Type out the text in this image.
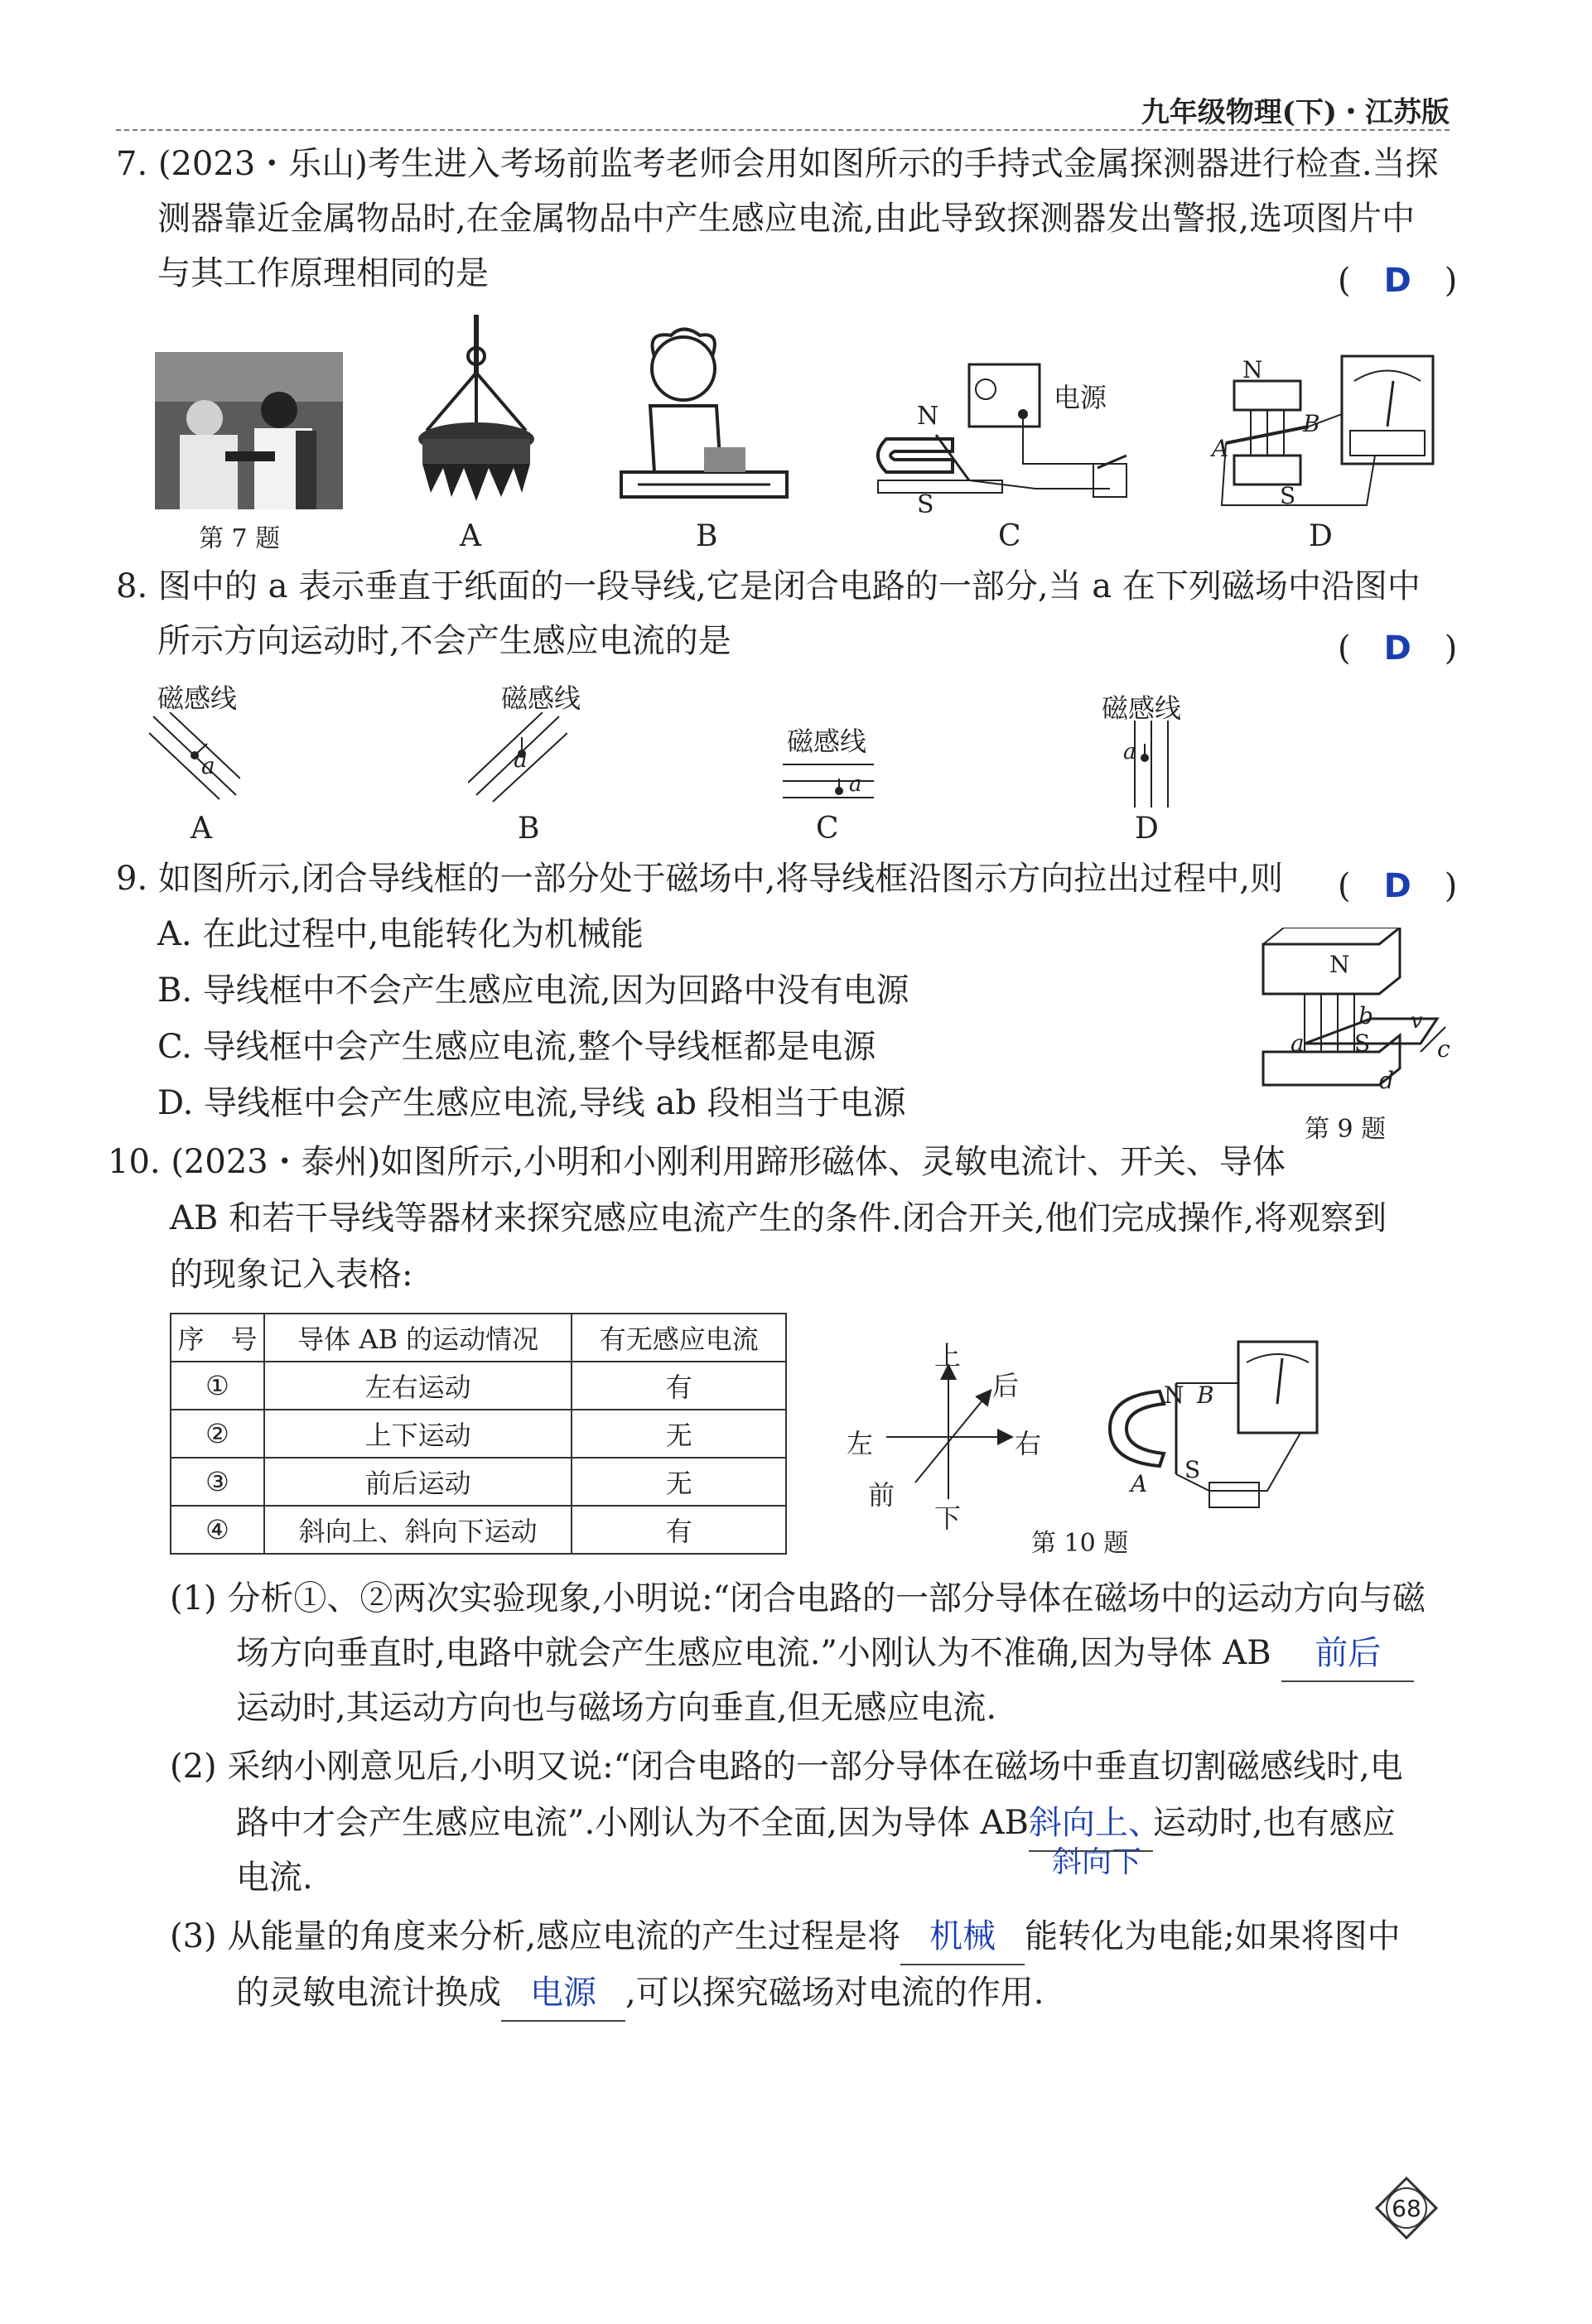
九年级物理(下)・江苏版
7. (2023・乐山)考生进入考场前监考老师会用如图所示的手持式金属探测器进行检查.当探
测器靠近金属物品时,在金属物品中产生感应电流,由此导致探测器发出警报,选项图片中
与其工作原理相同的是	(　D　)
第 7 题	A	B
电源
N
S
C
N
S
A
B
D
8. 图中的 a 表示垂直于纸面的一段导线,它是闭合电路的一部分,当 a 在下列磁场中沿图中
所示方向运动时,不会产生感应电流的是	(　D　)
磁感线
a
A
磁感线
a
B
磁感线
a
C
磁感线
a
D
9. 如图所示,闭合导线框的一部分处于磁场中,将导线框沿图示方向拉出过程中,则 (　D　)
A. 在此过程中,电能转化为机械能
B. 导线框中不会产生感应电流,因为回路中没有电源
C. 导线框中会产生感应电流,整个导线框都是电源
D. 导线框中会产生感应电流,导线 ab 段相当于电源
N
S
a
b
c
d
v
第 9 题
10. (2023・泰州)如图所示,小明和小刚利用蹄形磁体、灵敏电流计、开关、导体
AB 和若干导线等器材来探究感应电流产生的条件.闭合开关,他们完成操作,将观察到
的现象记入表格:
序　号	导体 AB 的运动情况	有无感应电流
①	左右运动	有
②	上下运动	无
③	前后运动	无
④	斜向上、斜向下运动	有
上
下
左	右
前
后	N
S
A
B
第 10 题
(1) 分析①、②两次实验现象,小明说:“闭合电路的一部分导体在磁场中的运动方向与磁
场方向垂直时,电路中就会产生感应电流.”小刚认为不准确,因为导体 AB 前后
运动时,其运动方向也与磁场方向垂直,但无感应电流.
(2) 采纳小刚意见后,小明又说:“闭合电路的一部分导体在磁场中垂直切割磁感线时,电
路中才会产生感应电流”.小刚认为不全面,因为导体 AB斜向上、运动时,也有感应
斜向下
电流.
(3) 从能量的角度来分析,感应电流的产生过程是将 机械 能转化为电能;如果将图中
的灵敏电流计换成 电源 ,可以探究磁场对电流的作用.
68
